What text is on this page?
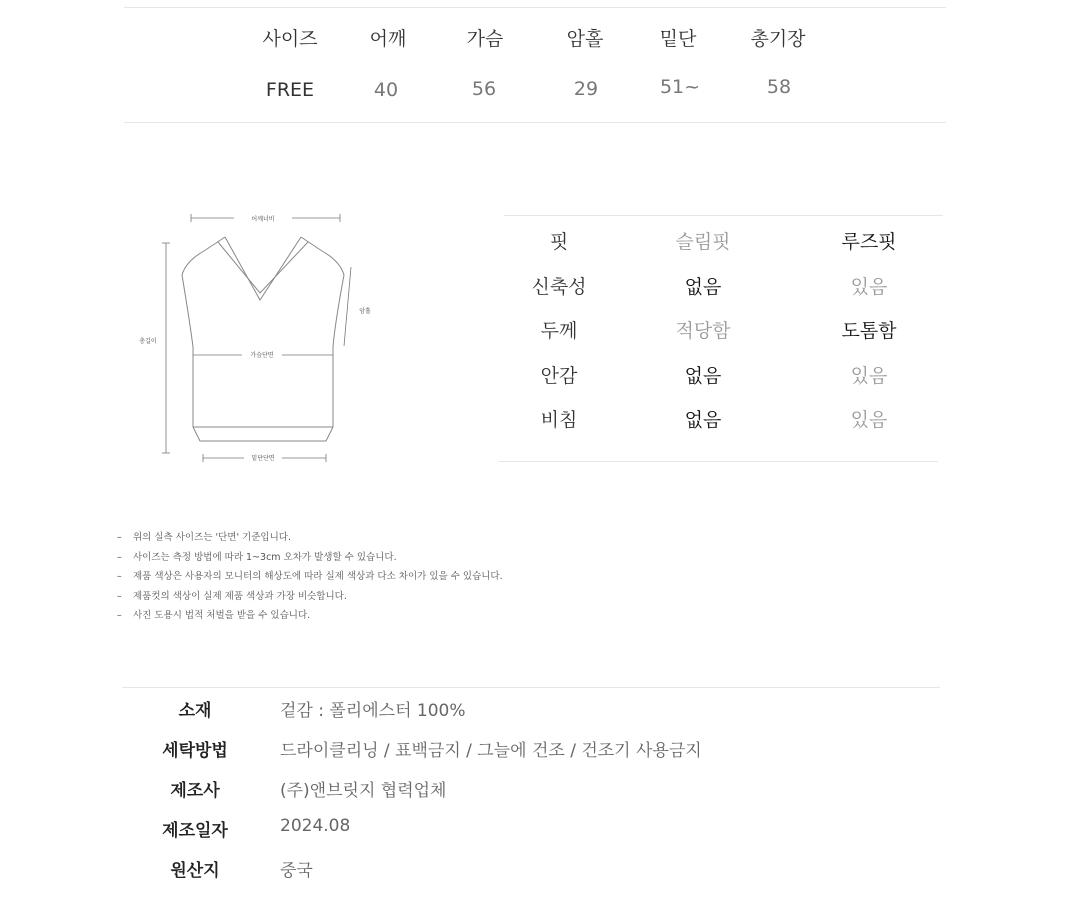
사이즈	어깨	가슴	암홀	밑단	총기장
FREE	40	56	29	51~	58
어깨너비
총길이
암홀
가슴단면
밑단단면
핏	슬림핏	루즈핏
신축성	없음	있음
두께	적당함	도톰함
안감	없음	있음
비침	없음	있음
– 위의 실측 사이즈는 '단면' 기준입니다.
– 사이즈는 측정 방법에 따라 1~3cm 오차가 발생할 수 있습니다.
– 제품 색상은 사용자의 모니터의 해상도에 따라 실제 색상과 다소 차이가 있을 수 있습니다.
– 제품컷의 색상이 실제 제품 색상과 가장 비슷합니다.
– 사진 도용시 법적 처벌을 받을 수 있습니다.
소재	겉감 : 폴리에스터 100%
세탁방법	드라이클리닝 / 표백금지 / 그늘에 건조 / 건조기 사용금지
제조사	(주)앤브릿지 협력업체
제조일자	2024.08
원산지	중국
